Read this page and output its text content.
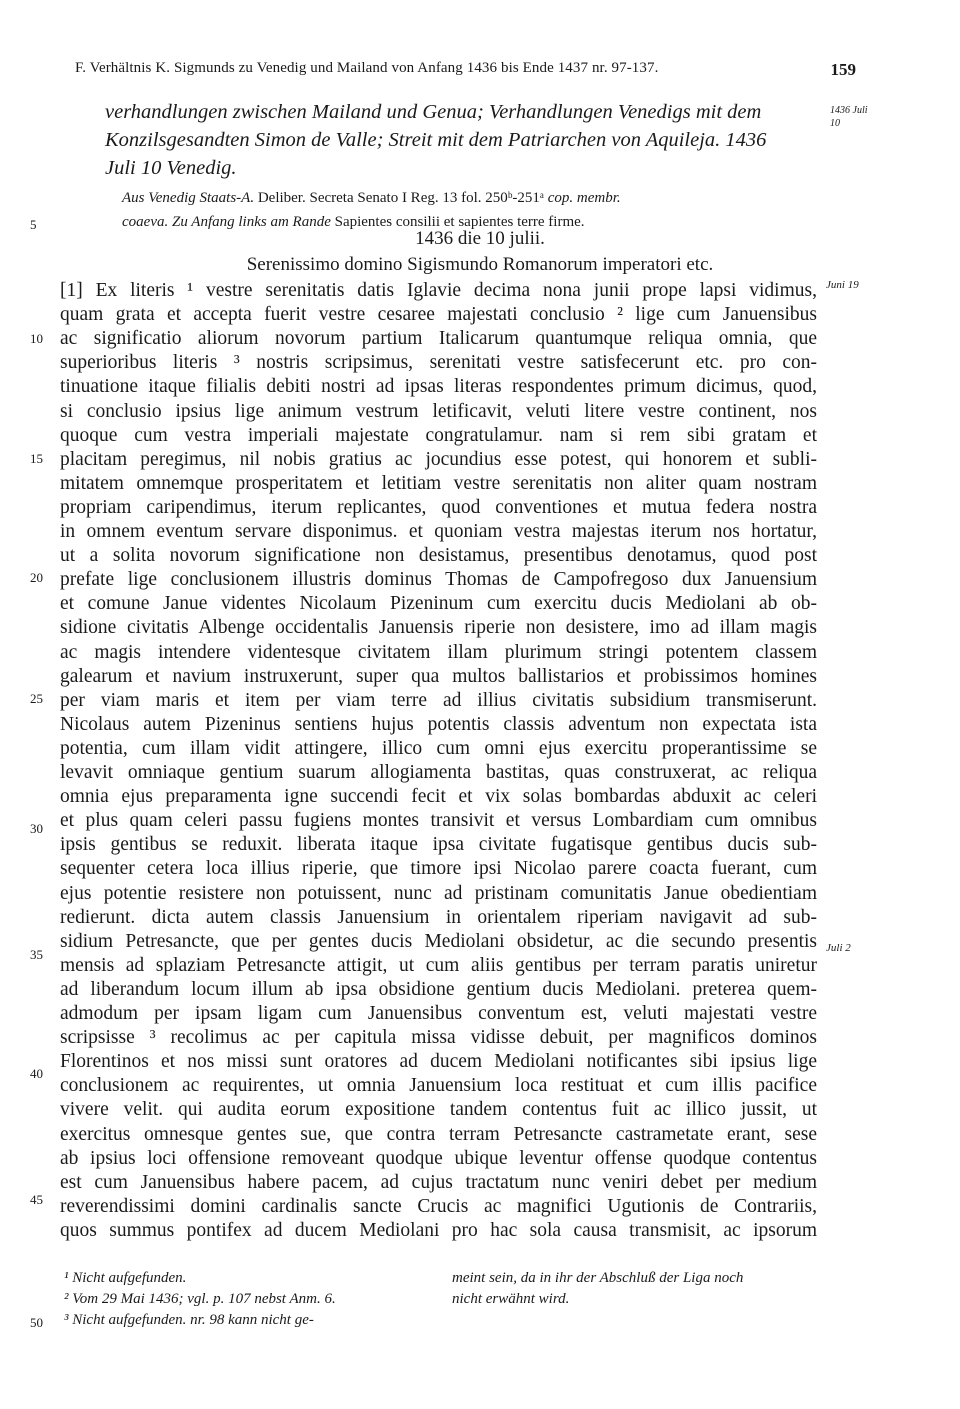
F. Verhältnis K. Sigmunds zu Venedig und Mailand von Anfang 1436 bis Ende 1437 nr. 97-137.	159
verhandlungen zwischen Mailand und Genua; Verhandlungen Venedigs mit dem
Konzilsgesandten Simon de Valle; Streit mit dem Patriarchen von Aquileja. 1436
Juli 10 Venedig.
1436 Juli 10
Aus Venedig Staats-A. Deliber. Secreta Senato I Reg. 13 fol. 250ᵇ-251ᵃ cop. membr.
coaeva. Zu Anfang links am Rande Sapientes consilii et sapientes terre firme.
1436 die 10 julii.
Serenissimo domino Sigismundo Romanorum imperatori etc.
[1] Ex literis ¹ vestre serenitatis datis Iglavie decima nona junii prope lapsi vidimus,
quam grata et accepta fuerit vestre cesaree majestati conclusio ² lige cum Januensibus
ac significatio aliorum novorum partium Italicarum quantumque reliqua omnia, que
superioribus literis ³ nostris scripsimus, serenitati vestre satisfecerunt etc. pro con-
tinuatione itaque filialis debiti nostri ad ipsas literas respondentes primum dicimus, quod,
si conclusio ipsius lige animum vestrum letificavit, veluti litere vestre continent, nos
quoque cum vestra imperiali majestate congratulamur. nam si rem sibi gratam et
placitam peregimus, nil nobis gratius ac jocundius esse potest, qui honorem et subli-
mitatem omnemque prosperitatem et letitiam vestre serenitatis non aliter quam nostram
propriam caripendimus, iterum replicantes, quod conventiones et mutua federa nostra
in omnem eventum servare disponimus. et quoniam vestra majestas iterum nos hortatur,
ut a solita novorum significatione non desistamus, presentibus denotamus, quod post
prefate lige conclusionem illustris dominus Thomas de Campofregoso dux Januensium
et comune Janue videntes Nicolaum Pizeninum cum exercitu ducis Mediolani ab ob-
sidione civitatis Albenge occidentalis Januensis riperie non desistere, imo ad illam magis
ac magis intendere videntesque civitatem illam plurimum stringi potentem classem
galearum et navium instruxerunt, super qua multos ballistarios et probissimos homines
per viam maris et item per viam terre ad illius civitatis subsidium transmiserunt.
Nicolaus autem Pizeninus sentiens hujus potentis classis adventum non expectata ista
potentia, cum illam vidit attingere, illico cum omni ejus exercitu properantissime se
levavit omniaque gentium suarum allogiamenta bastitas, quas construxerat, ac reliqua
omnia ejus preparamenta igne succendi fecit et vix solas bombardas abduxit ac celeri
et plus quam celeri passu fugiens montes transivit et versus Lombardiam cum omnibus
ipsis gentibus se reduxit. liberata itaque ipsa civitate fugatisque gentibus ducis sub-
sequenter cetera loca illius riperie, que timore ipsi Nicolao parere coacta fuerant, cum
ejus potentie resistere non potuissent, nunc ad pristinam comunitatis Janue obedientiam
redierunt. dicta autem classis Januensium in orientalem riperiam navigavit ad sub-
sidium Petresancte, que per gentes ducis Mediolani obsidetur, ac die secundo presentis
mensis ad splaziam Petresancte attigit, ut cum aliis gentibus per terram paratis uniretur
ad liberandum locum illum ab ipsa obsidione gentium ducis Mediolani. preterea quem-
admodum per ipsam ligam cum Januensibus conventum est, veluti majestati vestre
scripsisse ³ recolimus ac per capitula missa vidisse debuit, per magnificos dominos
Florentinos et nos missi sunt oratores ad ducem Mediolani notificantes sibi ipsius lige
conclusionem ac requirentes, ut omnia Januensium loca restituat et cum illis pacifice
vivere velit. qui audita eorum expositione tandem contentus fuit ac illico jussit, ut
exercitus omnesque gentes sue, que contra terram Petresancte castrametate erant, sese
ab ipsius loci offensione removeant quodque ubique leventur offense quodque contentus
est cum Januensibus habere pacem, ad cujus tractatum nunc veniri debet per medium
reverendissimi domini cardinalis sancte Crucis ac magnifici Ugutionis de Contrariis,
quos summus pontifex ad ducem Mediolani pro hac sola causa transmisit, ac ipsorum
5
10
15
20
25
30
35
40
45
50
Juni 19
Juli 2
¹ Nicht aufgefunden.
² Vom 29 Mai 1436; vgl. p. 107 nebst Anm. 6.
³ Nicht aufgefunden. nr. 98 kann nicht ge-
meint sein, da in ihr der Abschluß der Liga noch
nicht erwähnt wird.
